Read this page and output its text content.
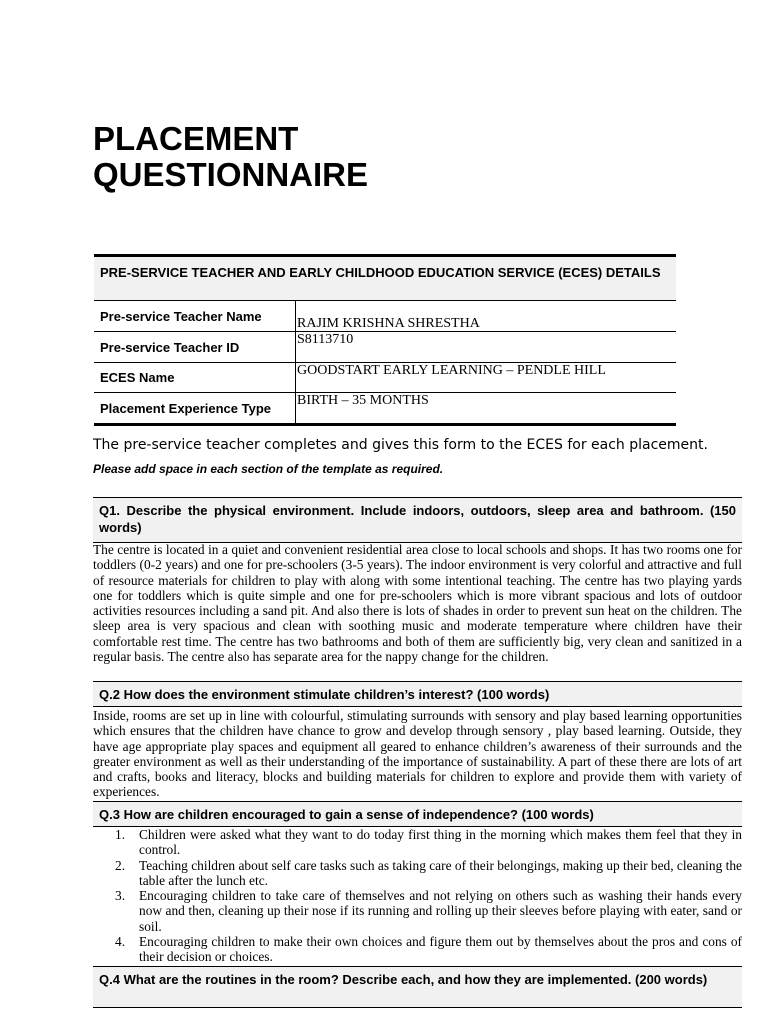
PLACEMENT
QUESTIONNAIRE
PRE-SERVICE TEACHER AND EARLY CHILDHOOD EDUCATION SERVICE (ECES) DETAILS
Pre-service Teacher Name	RAJIM KRISHNA SHRESTHA
Pre-service Teacher ID	S8113710
ECES Name	GOODSTART EARLY LEARNING – PENDLE HILL
Placement Experience Type	BIRTH – 35 MONTHS

The pre-service teacher completes and gives this form to the ECES for each placement.

Please add space in each section of the template as required.

Q1. Describe the physical environment. Include indoors, outdoors, sleep area and bathroom. (150 words)

The centre is located in a quiet and convenient residential area close to local schools and shops. It has two rooms one for toddlers (0-2 years) and one for pre-schoolers (3-5 years). The indoor environment is very colorful and attractive and full of resource materials for children to play with along with some intentional teaching. The centre has two playing yards one for toddlers which is quite simple and one for pre-schoolers which is more vibrant spacious and lots of outdoor activities resources including a sand pit. And also there is lots of shades in order to prevent sun heat on the children. The sleep area is very spacious and clean with soothing music and moderate temperature where children have their comfortable rest time. The centre has two bathrooms and both of them are sufficiently big, very clean and sanitized in a regular basis. The centre also has separate area for the nappy change for the children.

Q.2 How does the environment stimulate children’s interest? (100 words)

Inside, rooms are set up in line with colourful, stimulating surrounds with sensory and play based learning opportunities which ensures that the children have chance to grow and develop through sensory , play based learning. Outside, they have age appropriate play spaces and equipment all geared to enhance children’s awareness of their surrounds and the greater environment as well as their understanding of the importance of sustainability. A part of these there are lots of art and crafts, books and literacy, blocks and building materials for children to explore and provide them with variety of experiences.

Q.3 How are children encouraged to gain a sense of independence? (100 words)
1. Children were asked what they want to do today first thing in the morning which makes them feel that they in control.
2. Teaching children about self care tasks such as taking care of their belongings, making up their bed, cleaning the table after the lunch etc.
3. Encouraging children to take care of themselves and not relying on others such as washing their hands every now and then, cleaning up their nose if its running and rolling up their sleeves before playing with eater, sand or soil.
4. Encouraging children to make their own choices and figure them out by themselves about the pros and cons of their decision or choices.
Q.4 What are the routines in the room? Describe each, and how they are implemented. (200 words)
